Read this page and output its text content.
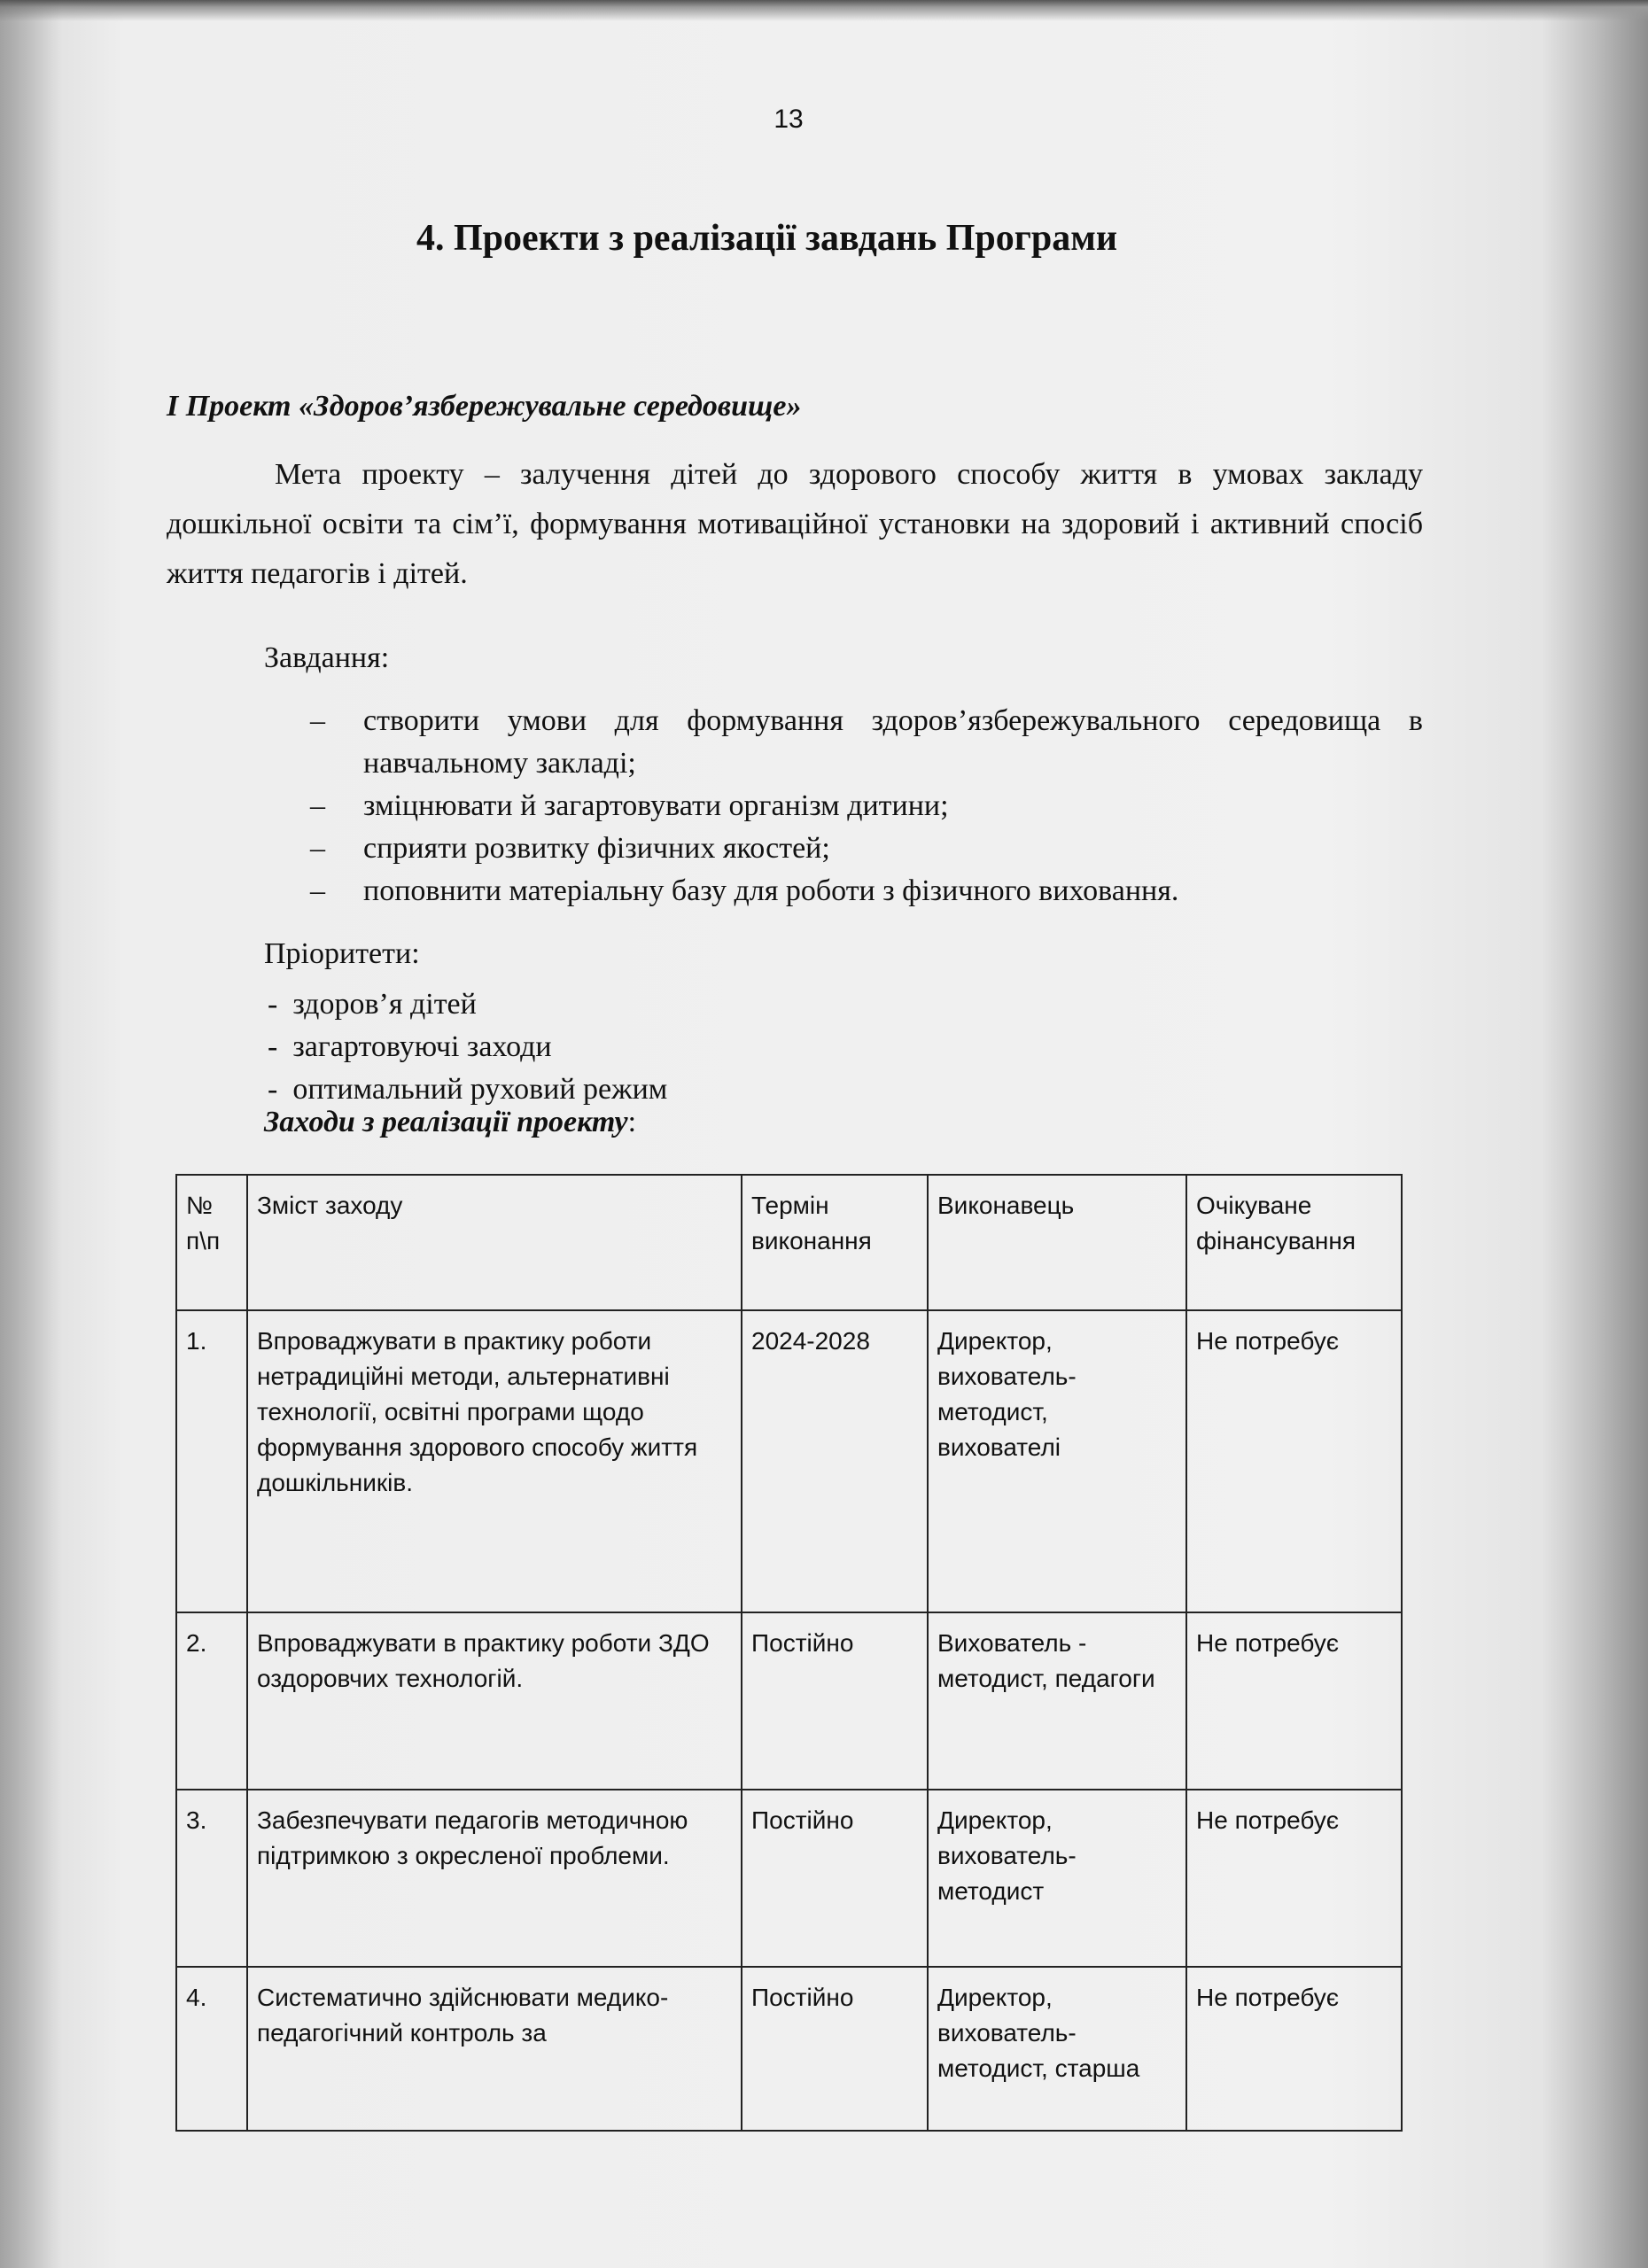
13
4. Проекти з реалізації завдань Програми
І Проект «Здоров’язбережувальне середовище»

Мета проекту – залучення дітей до здорового способу життя в умовах закладу дошкільної освіти та сім’ї, формування мотиваційної установки на здоровий і активний спосіб життя педагогів і дітей.

Завдання:
– створити умови для формування здоров’язбережувального середовища в навчальному закладі;
– зміцнювати й загартовувати організм дитини;
– сприяти розвитку фізичних якостей;
– поповнити матеріальну базу для роботи з фізичного виховання.
Пріоритети:
- здоров’я дітей
- загартовуючі заходи
- оптимальний руховий режим
Заходи з реалізації проекту:
№ п\п	Зміст заходу	Термін виконання	Виконавець	Очікуване фінансування
1.	Впроваджувати в практику роботи нетрадиційні методи, альтернативні технології, освітні програми щодо формування здорового способу життя дошкільників.	2024-2028	Директор, вихователь-методист, вихователі	Не потребує
2.	Впроваджувати в практику роботи ЗДО оздоровчих технологій.	Постійно	Вихователь - методист, педагоги	Не потребує
3.	Забезпечувати педагогів методичною підтримкою з окресленої проблеми.	Постійно	Директор, вихователь-методист	Не потребує
4.	Систематично здійснювати медико-педагогічний контроль за	Постійно	Директор, вихователь-методист, старша	Не потребує
